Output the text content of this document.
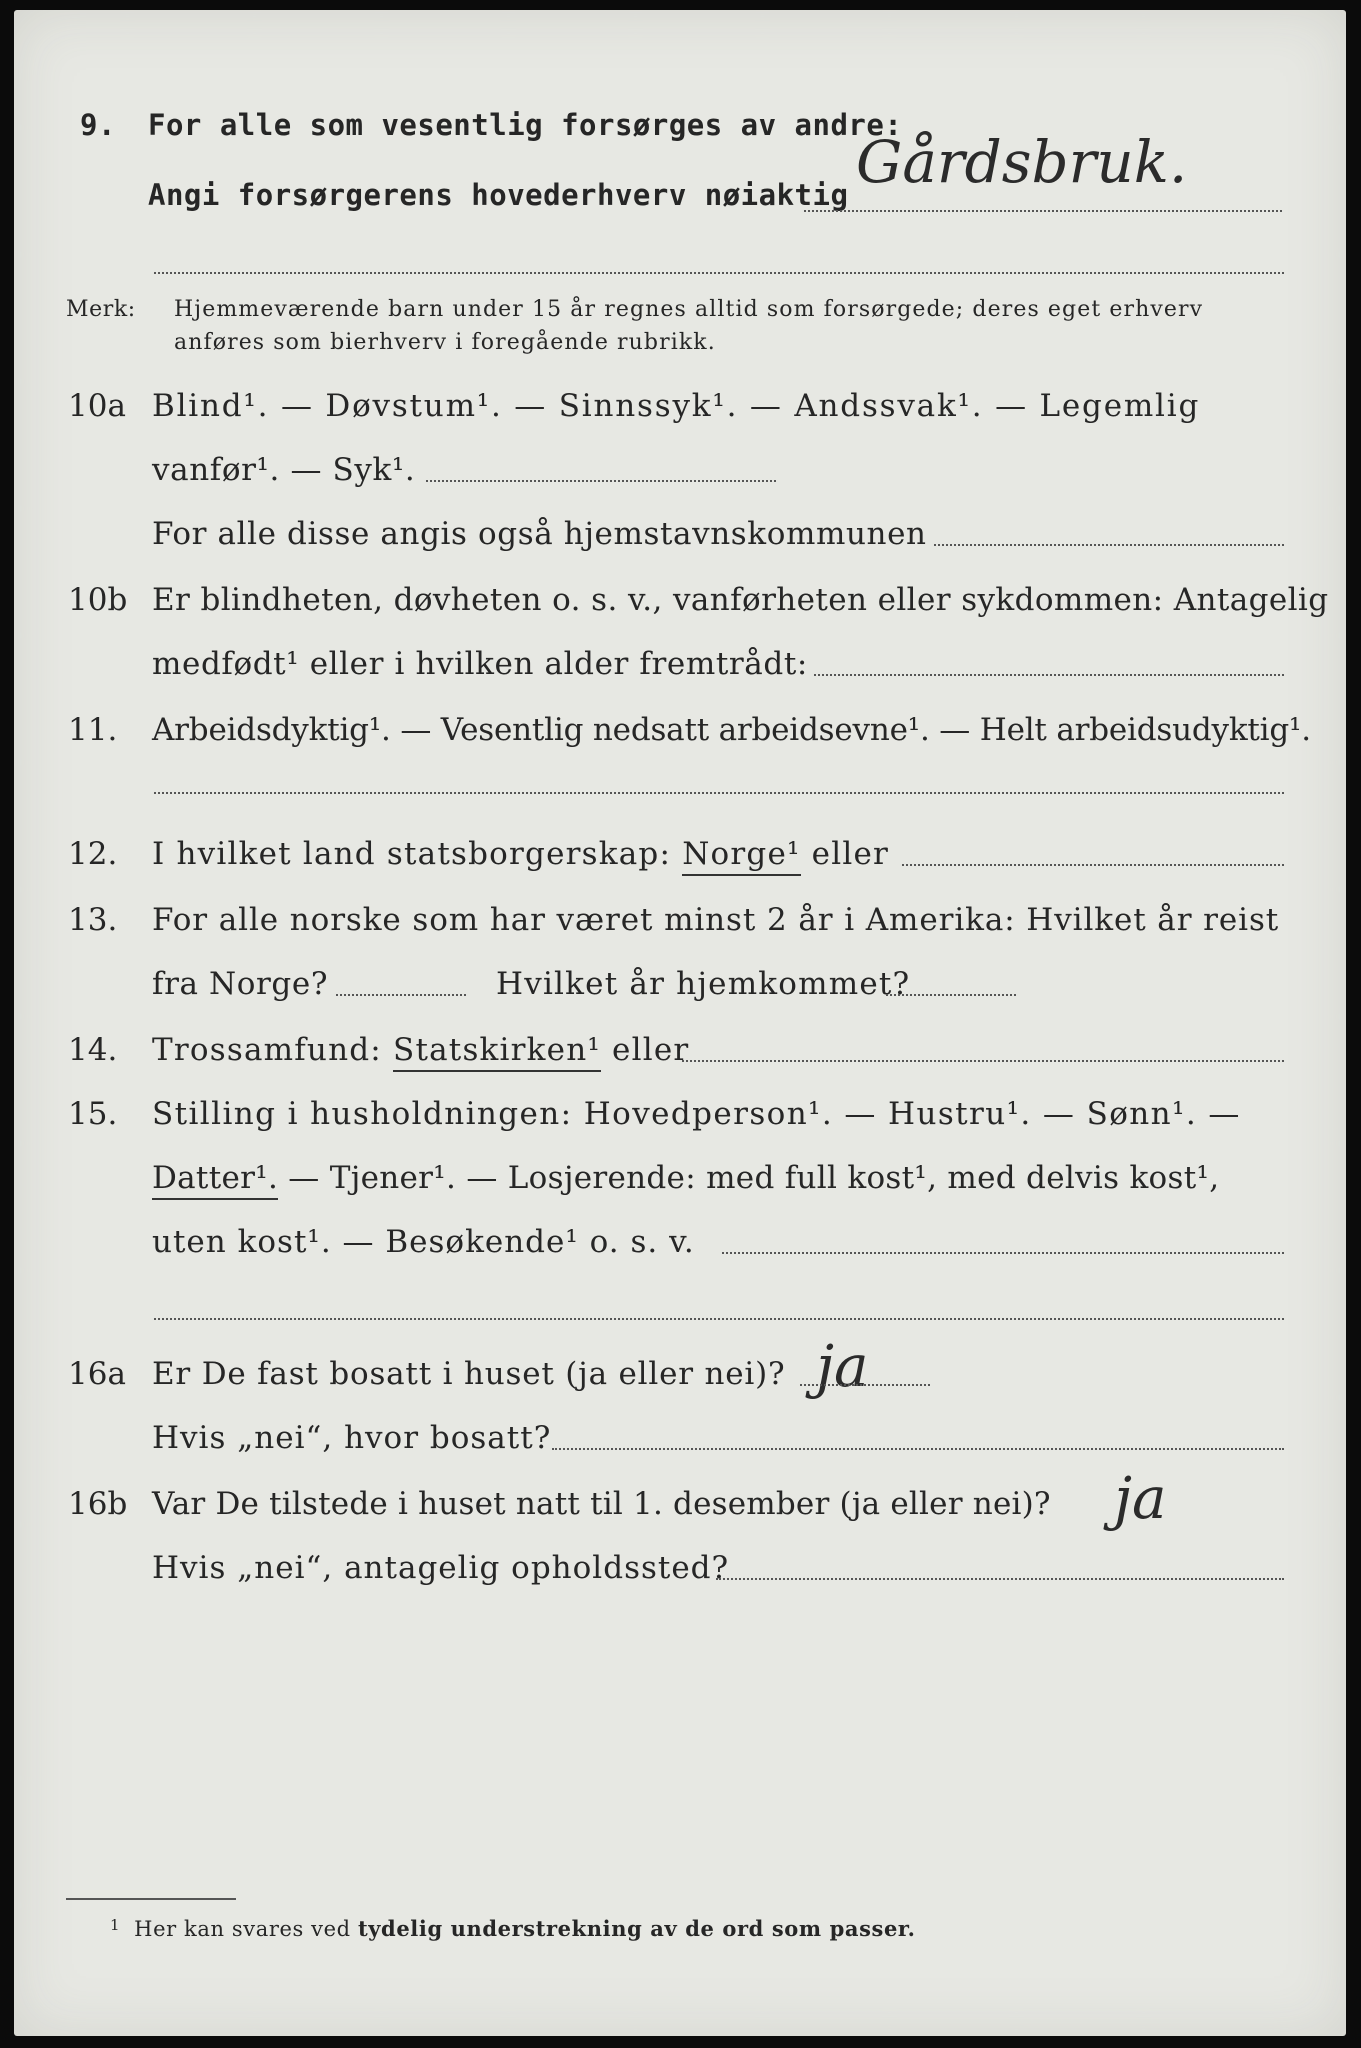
9. For alle som vesentlig forsørges av andre:
Angi forsørgerens hovederhverv nøiaktig Gårdsbruk.
Merk: Hjemmeværende barn under 15 år regnes alltid som forsørgede; deres eget erhverv
anføres som bierhverv i foregående rubrikk.
10a Blind¹. — Døvstum¹. — Sinnssyk¹. — Andssvak¹. — Legemlig
vanfør¹. — Syk¹.
For alle disse angis også hjemstavnskommunen
10b Er blindheten, døvheten o. s. v., vanførheten eller sykdommen: Antagelig
medfødt¹ eller i hvilken alder fremtrådt:
11. Arbeidsdyktig¹. — Vesentlig nedsatt arbeidsevne¹. — Helt arbeidsudyktig¹.
12. I hvilket land statsborgerskap: Norge¹ eller
13. For alle norske som har været minst 2 år i Amerika: Hvilket år reist
fra Norge?	Hvilket år hjemkommet?
14. Trossamfund: Statskirken¹ eller
15. Stilling i husholdningen: Hovedperson¹. — Hustru¹. — Sønn¹. —
Datter¹. — Tjener¹. — Losjerende: med full kost¹, med delvis kost¹,
uten kost¹. — Besøkende¹ o. s. v.
16a Er De fast bosatt i huset (ja eller nei)? ja
Hvis „nei“, hvor bosatt?
16b Var De tilstede i huset natt til 1. desember (ja eller nei)? ja
Hvis „nei“, antagelig opholdssted?
$^1$ Her kan svares ved tydelig understrekning av de ord som passer.
